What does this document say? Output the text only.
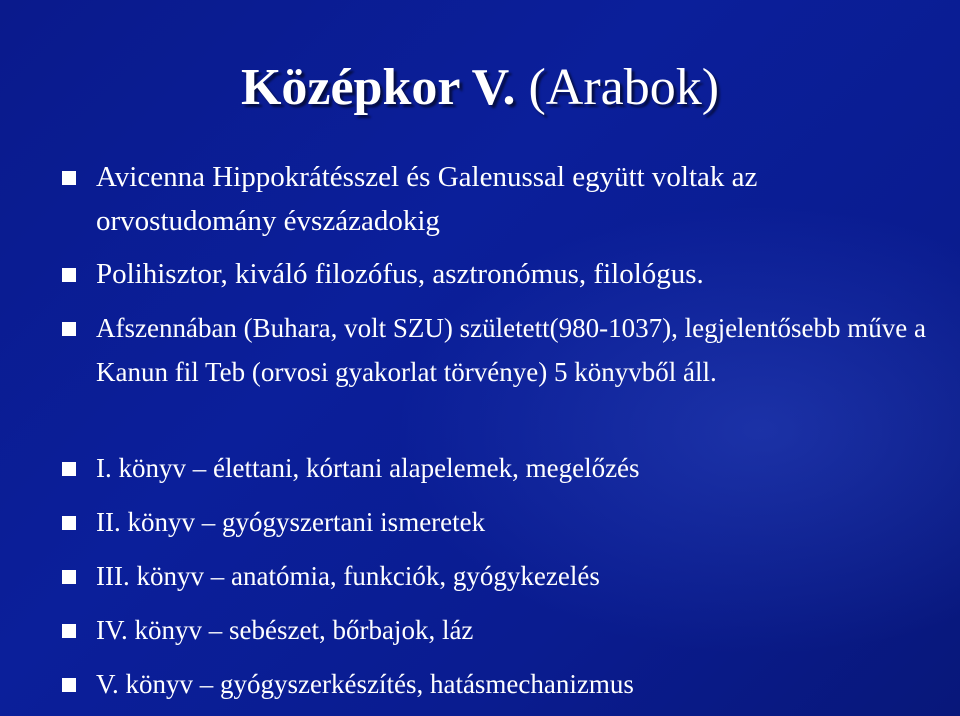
Középkor V. (Arabok)
Avicenna Hippokrátésszel és Galenussal együtt voltak az orvostudomány évszázadokig
Polihisztor, kiváló filozófus, asztronómus, filológus.
Afszennában (Buhara, volt SZU) született(980-1037), legjelentősebb műve a Kanun fil Teb (orvosi gyakorlat törvénye) 5 könyvből áll.
I. könyv – élettani, kórtani alapelemek, megelőzés
II. könyv – gyógyszertani ismeretek
III. könyv – anatómia, funkciók, gyógykezelés
IV. könyv – sebészet, bőrbajok, láz
V. könyv – gyógyszerkészítés, hatásmechanizmus
